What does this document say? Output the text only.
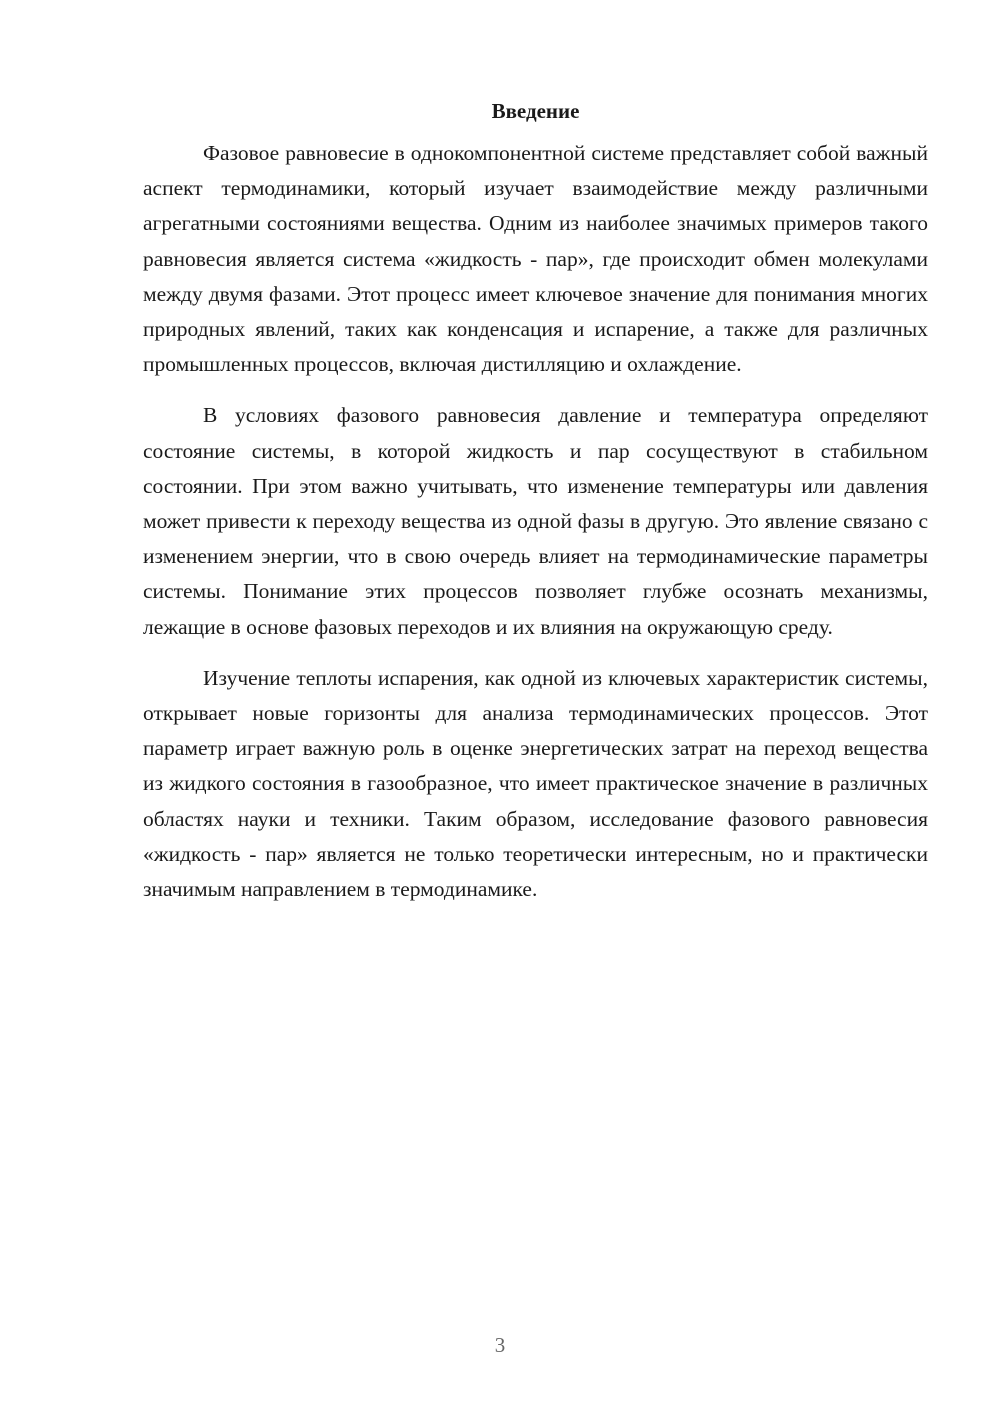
Введение

Фазовое равновесие в однокомпонентной системе представляет собой важный аспект термодинамики, который изучает взаимодействие между различными агрегатными состояниями вещества. Одним из наиболее значимых примеров такого равновесия является система «жидкость - пар», где происходит обмен молекулами между двумя фазами. Этот процесс имеет ключевое значение для понимания многих природных явлений, таких как конденсация и испарение, а также для различных промышленных процессов, включая дистилляцию и охлаждение.

В условиях фазового равновесия давление и температура определяют состояние системы, в которой жидкость и пар сосуществуют в стабильном состоянии. При этом важно учитывать, что изменение температуры или давления может привести к переходу вещества из одной фазы в другую. Это явление связано с изменением энергии, что в свою очередь влияет на термодинамические параметры системы. Понимание этих процессов позволяет глубже осознать механизмы, лежащие в основе фазовых переходов и их влияния на окружающую среду.

Изучение теплоты испарения, как одной из ключевых характеристик системы, открывает новые горизонты для анализа термодинамических процессов. Этот параметр играет важную роль в оценке энергетических затрат на переход вещества из жидкого состояния в газообразное, что имеет практическое значение в различных областях науки и техники. Таким образом, исследование фазового равновесия «жидкость - пар» является не только теоретически интересным, но и практически значимым направлением в термодинамике.

3
